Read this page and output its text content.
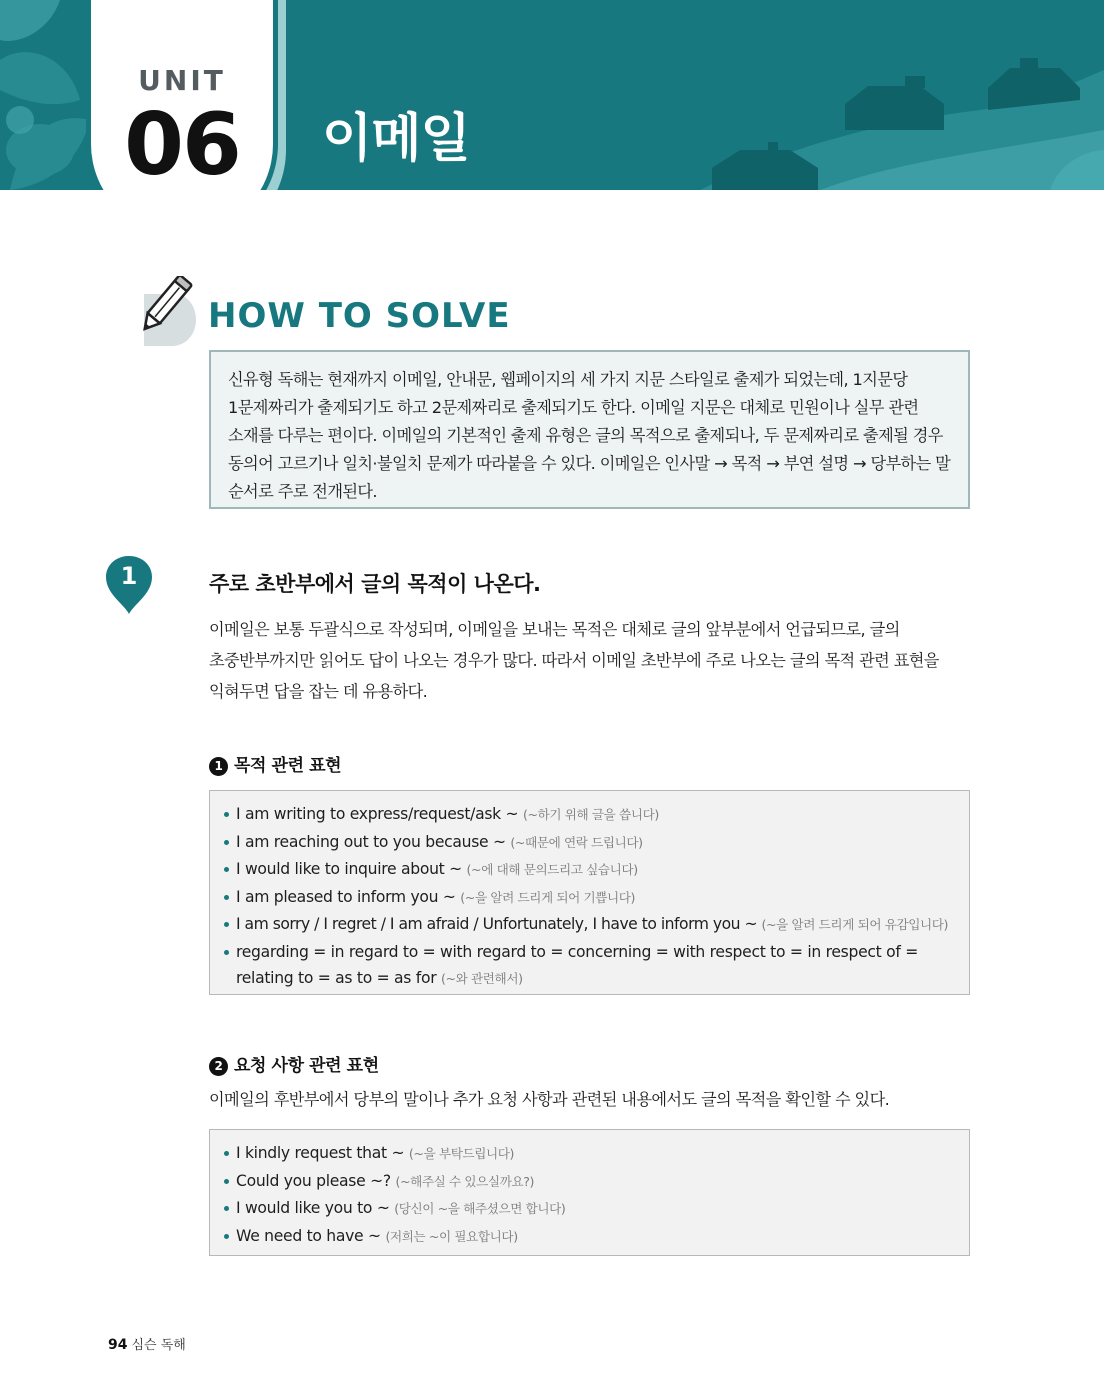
UNIT
06	이메일
HOW TO SOLVE

신유형 독해는 현재까지 이메일, 안내문, 웹페이지의 세 가지 지문 스타일로 출제가 되었는데, 1지문당 1문제짜리가 출제되기도 하고 2문제짜리로 출제되기도 한다. 이메일 지문은 대체로 민원이나 실무 관련 소재를 다루는 편이다. 이메일의 기본적인 출제 유형은 글의 목적으로 출제되나, 두 문제짜리로 출제될 경우 동의어 고르기나 일치·불일치 문제가 따라붙을 수 있다. 이메일은 인사말 → 목적 → 부연 설명 → 당부하는 말 순서로 주로 전개된다.

1	주로 초반부에서 글의 목적이 나온다.

이메일은 보통 두괄식으로 작성되며, 이메일을 보내는 목적은 대체로 글의 앞부분에서 언급되므로, 글의 초중반부까지만 읽어도 답이 나오는 경우가 많다. 따라서 이메일 초반부에 주로 나오는 글의 목적 관련 표현을 익혀두면 답을 잡는 데 유용하다.

1 목적 관련 표현
I am writing to express/request/ask ~ (~하기 위해 글을 씁니다)
I am reaching out to you because ~ (~때문에 연락 드립니다)
I would like to inquire about ~ (~에 대해 문의드리고 싶습니다)
I am pleased to inform you ~ (~을 알려 드리게 되어 기쁩니다)
I am sorry / I regret / I am afraid / Unfortunately, I have to inform you ~ (~을 알려 드리게 되어 유감입니다)
regarding = in regard to = with regard to = concerning = with respect to = in respect of = relating to = as to = as for (~와 관련해서)
2 요청 사항 관련 표현
이메일의 후반부에서 당부의 말이나 추가 요청 사항과 관련된 내용에서도 글의 목적을 확인할 수 있다.
I kindly request that ~ (~을 부탁드립니다)
Could you please ~? (~해주실 수 있으실까요?)
I would like you to ~ (당신이 ~을 해주셨으면 합니다)
We need to have ~ (저희는 ~이 필요합니다)
94 심슨 독해
